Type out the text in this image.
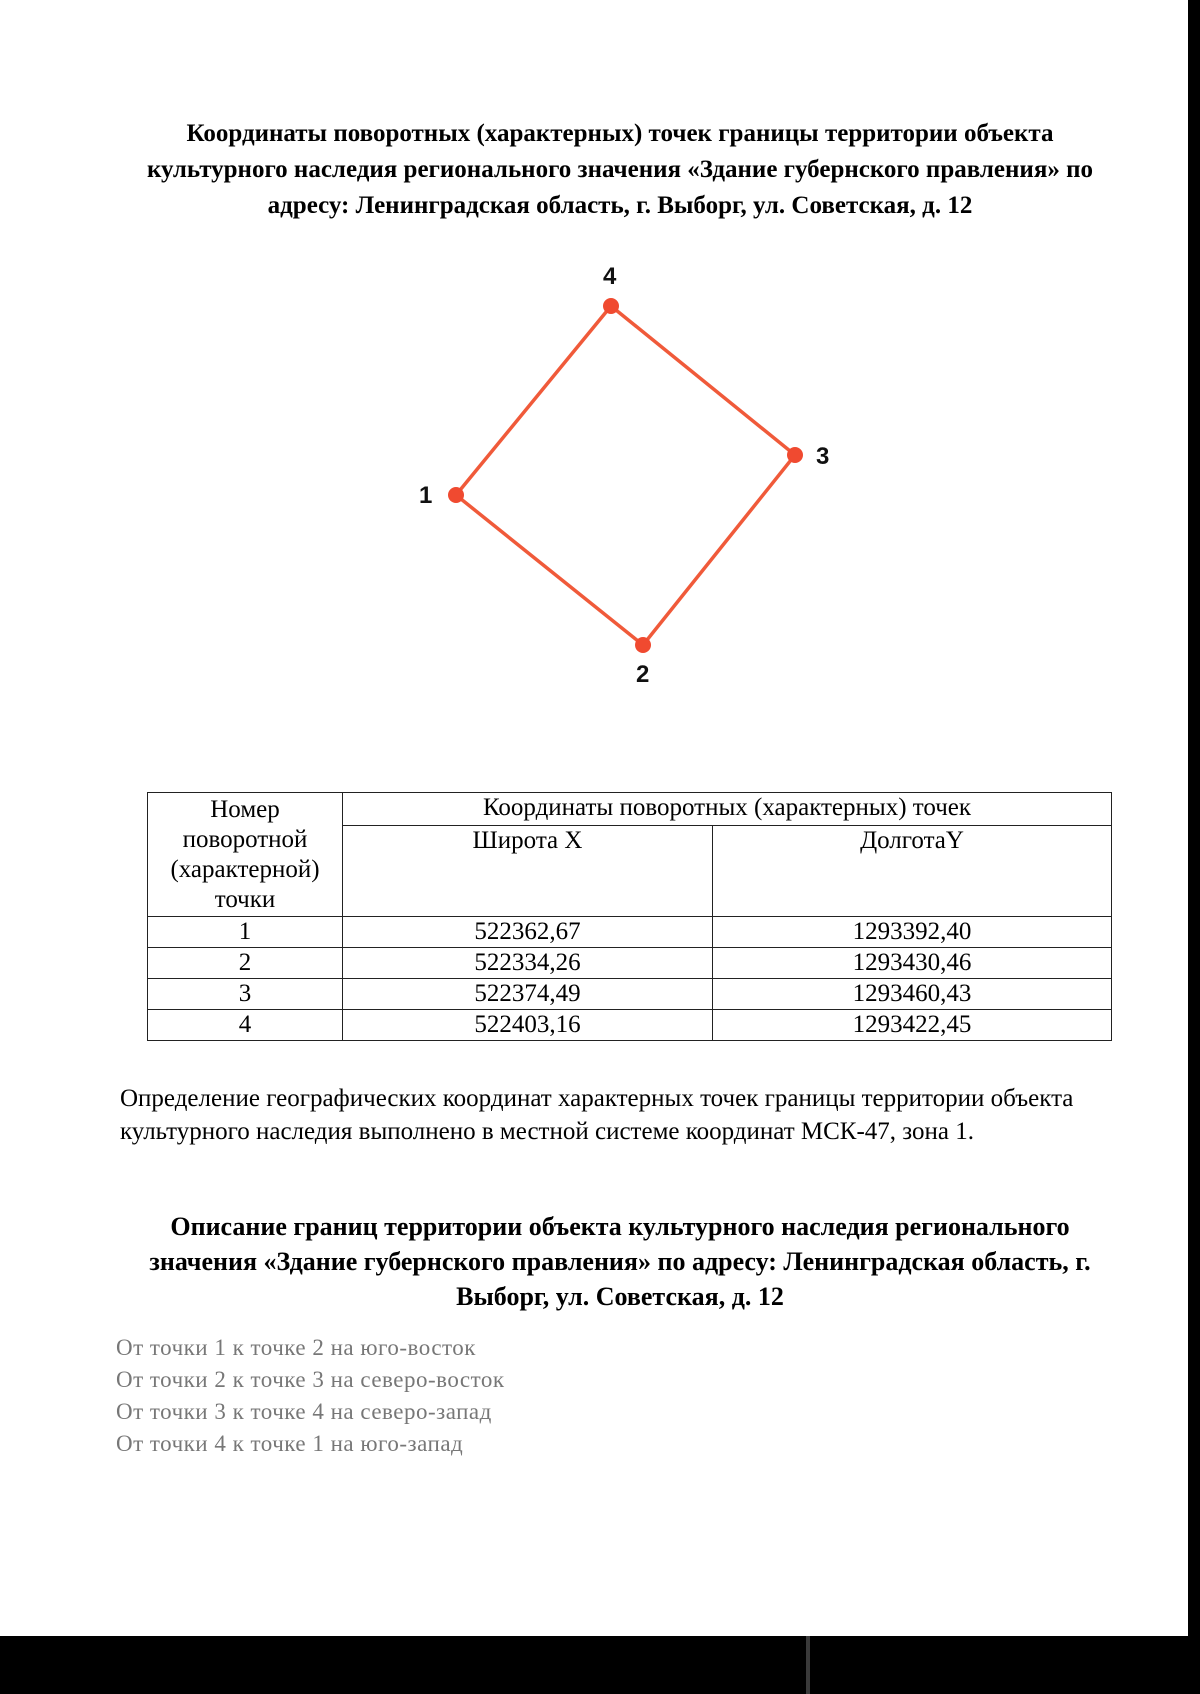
Координаты поворотных (характерных) точек границы территории объекта культурного наследия регионального значения «Здание губернского правления» по адресу: Ленинградская область, г. Выборг, ул. Советская, д. 12
1
2
3
4
Номер поворотной (характерной) точки	Координаты поворотных (характерных) точек	
	Широта X	ДолготаY
1	522362,67	1293392,40
2	522334,26	1293430,46
3	522374,49	1293460,43
4	522403,16	1293422,45
Определение географических координат характерных точек границы территории объекта культурного наследия выполнено в местной системе координат МСК-47, зона 1.
Описание границ территории объекта культурного наследия регионального значения «Здание губернского правления» по адресу: Ленинградская область, г. Выборг, ул. Советская, д. 12
От точки 1 к точке 2 на юго-восток
От точки 2 к точке 3 на северо-восток
От точки 3 к точке 4 на северо-запад
От точки 4 к точке 1 на юго-запад
